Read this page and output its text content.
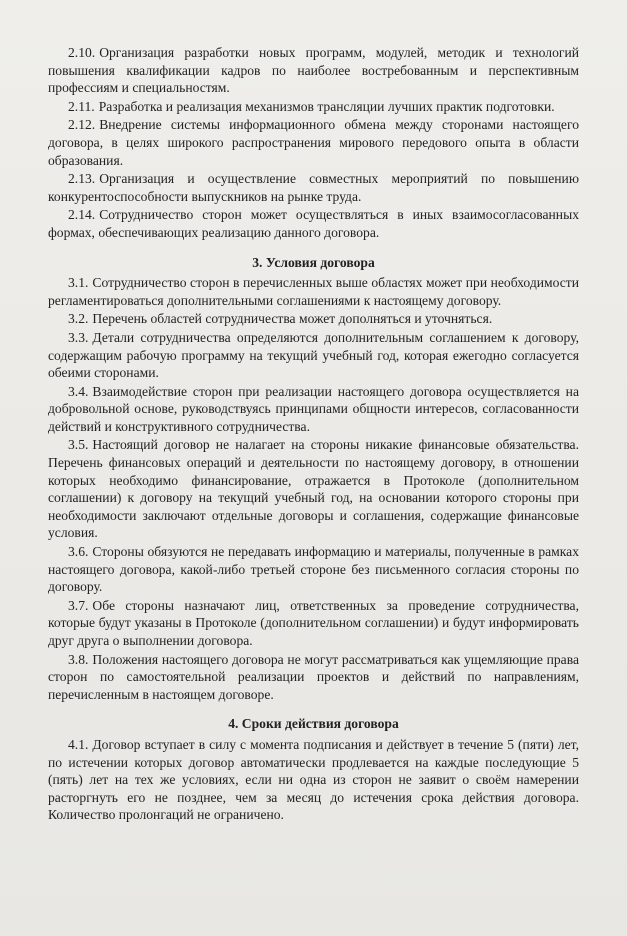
2.10. Организация разработки новых программ, модулей, методик и технологий повышения квалификации кадров по наиболее востребованным и перспективным профессиям и специальностям.

2.11. Разработка и реализация механизмов трансляции лучших практик подготовки.

2.12. Внедрение системы информационного обмена между сторонами настоящего договора, в целях широкого распространения мирового передового опыта в области образования.

2.13. Организация и осуществление совместных мероприятий по повышению конкурентоспособности выпускников на рынке труда.

2.14. Сотрудничество сторон может осуществляться в иных взаимосогласованных формах, обеспечивающих реализацию данного договора.

3. Условия договора

3.1. Сотрудничество сторон в перечисленных выше областях может при необходимости регламентироваться дополнительными соглашениями к настоящему договору.

3.2. Перечень областей сотрудничества может дополняться и уточняться.

3.3. Детали сотрудничества определяются дополнительным соглашением к договору, содержащим рабочую программу на текущий учебный год, которая ежегодно согласуется обеими сторонами.

3.4. Взаимодействие сторон при реализации настоящего договора осуществляется на добровольной основе, руководствуясь принципами общности интересов, согласованности действий и конструктивного сотрудничества.

3.5. Настоящий договор не налагает на стороны никакие финансовые обязательства. Перечень финансовых операций и деятельности по настоящему договору, в отношении которых необходимо финансирование, отражается в Протоколе (дополнительном соглашении) к договору на текущий учебный год, на основании которого стороны при необходимости заключают отдельные договоры и соглашения, содержащие финансовые условия.

3.6. Стороны обязуются не передавать информацию и материалы, полученные в рамках настоящего договора, какой-либо третьей стороне без письменного согласия стороны по договору.

3.7. Обе стороны назначают лиц, ответственных за проведение сотрудничества, которые будут указаны в Протоколе (дополнительном соглашении) и будут информировать друг друга о выполнении договора.

3.8. Положения настоящего договора не могут рассматриваться как ущемляющие права сторон по самостоятельной реализации проектов и действий по направлениям, перечисленным в настоящем договоре.

4. Сроки действия договора

4.1. Договор вступает в силу с момента подписания и действует в течение 5 (пяти) лет, по истечении которых договор автоматически продлевается на каждые последующие 5 (пять) лет на тех же условиях, если ни одна из сторон не заявит о своём намерении расторгнуть его не позднее, чем за месяц до истечения срока действия договора. Количество пролонгаций не ограничено.
